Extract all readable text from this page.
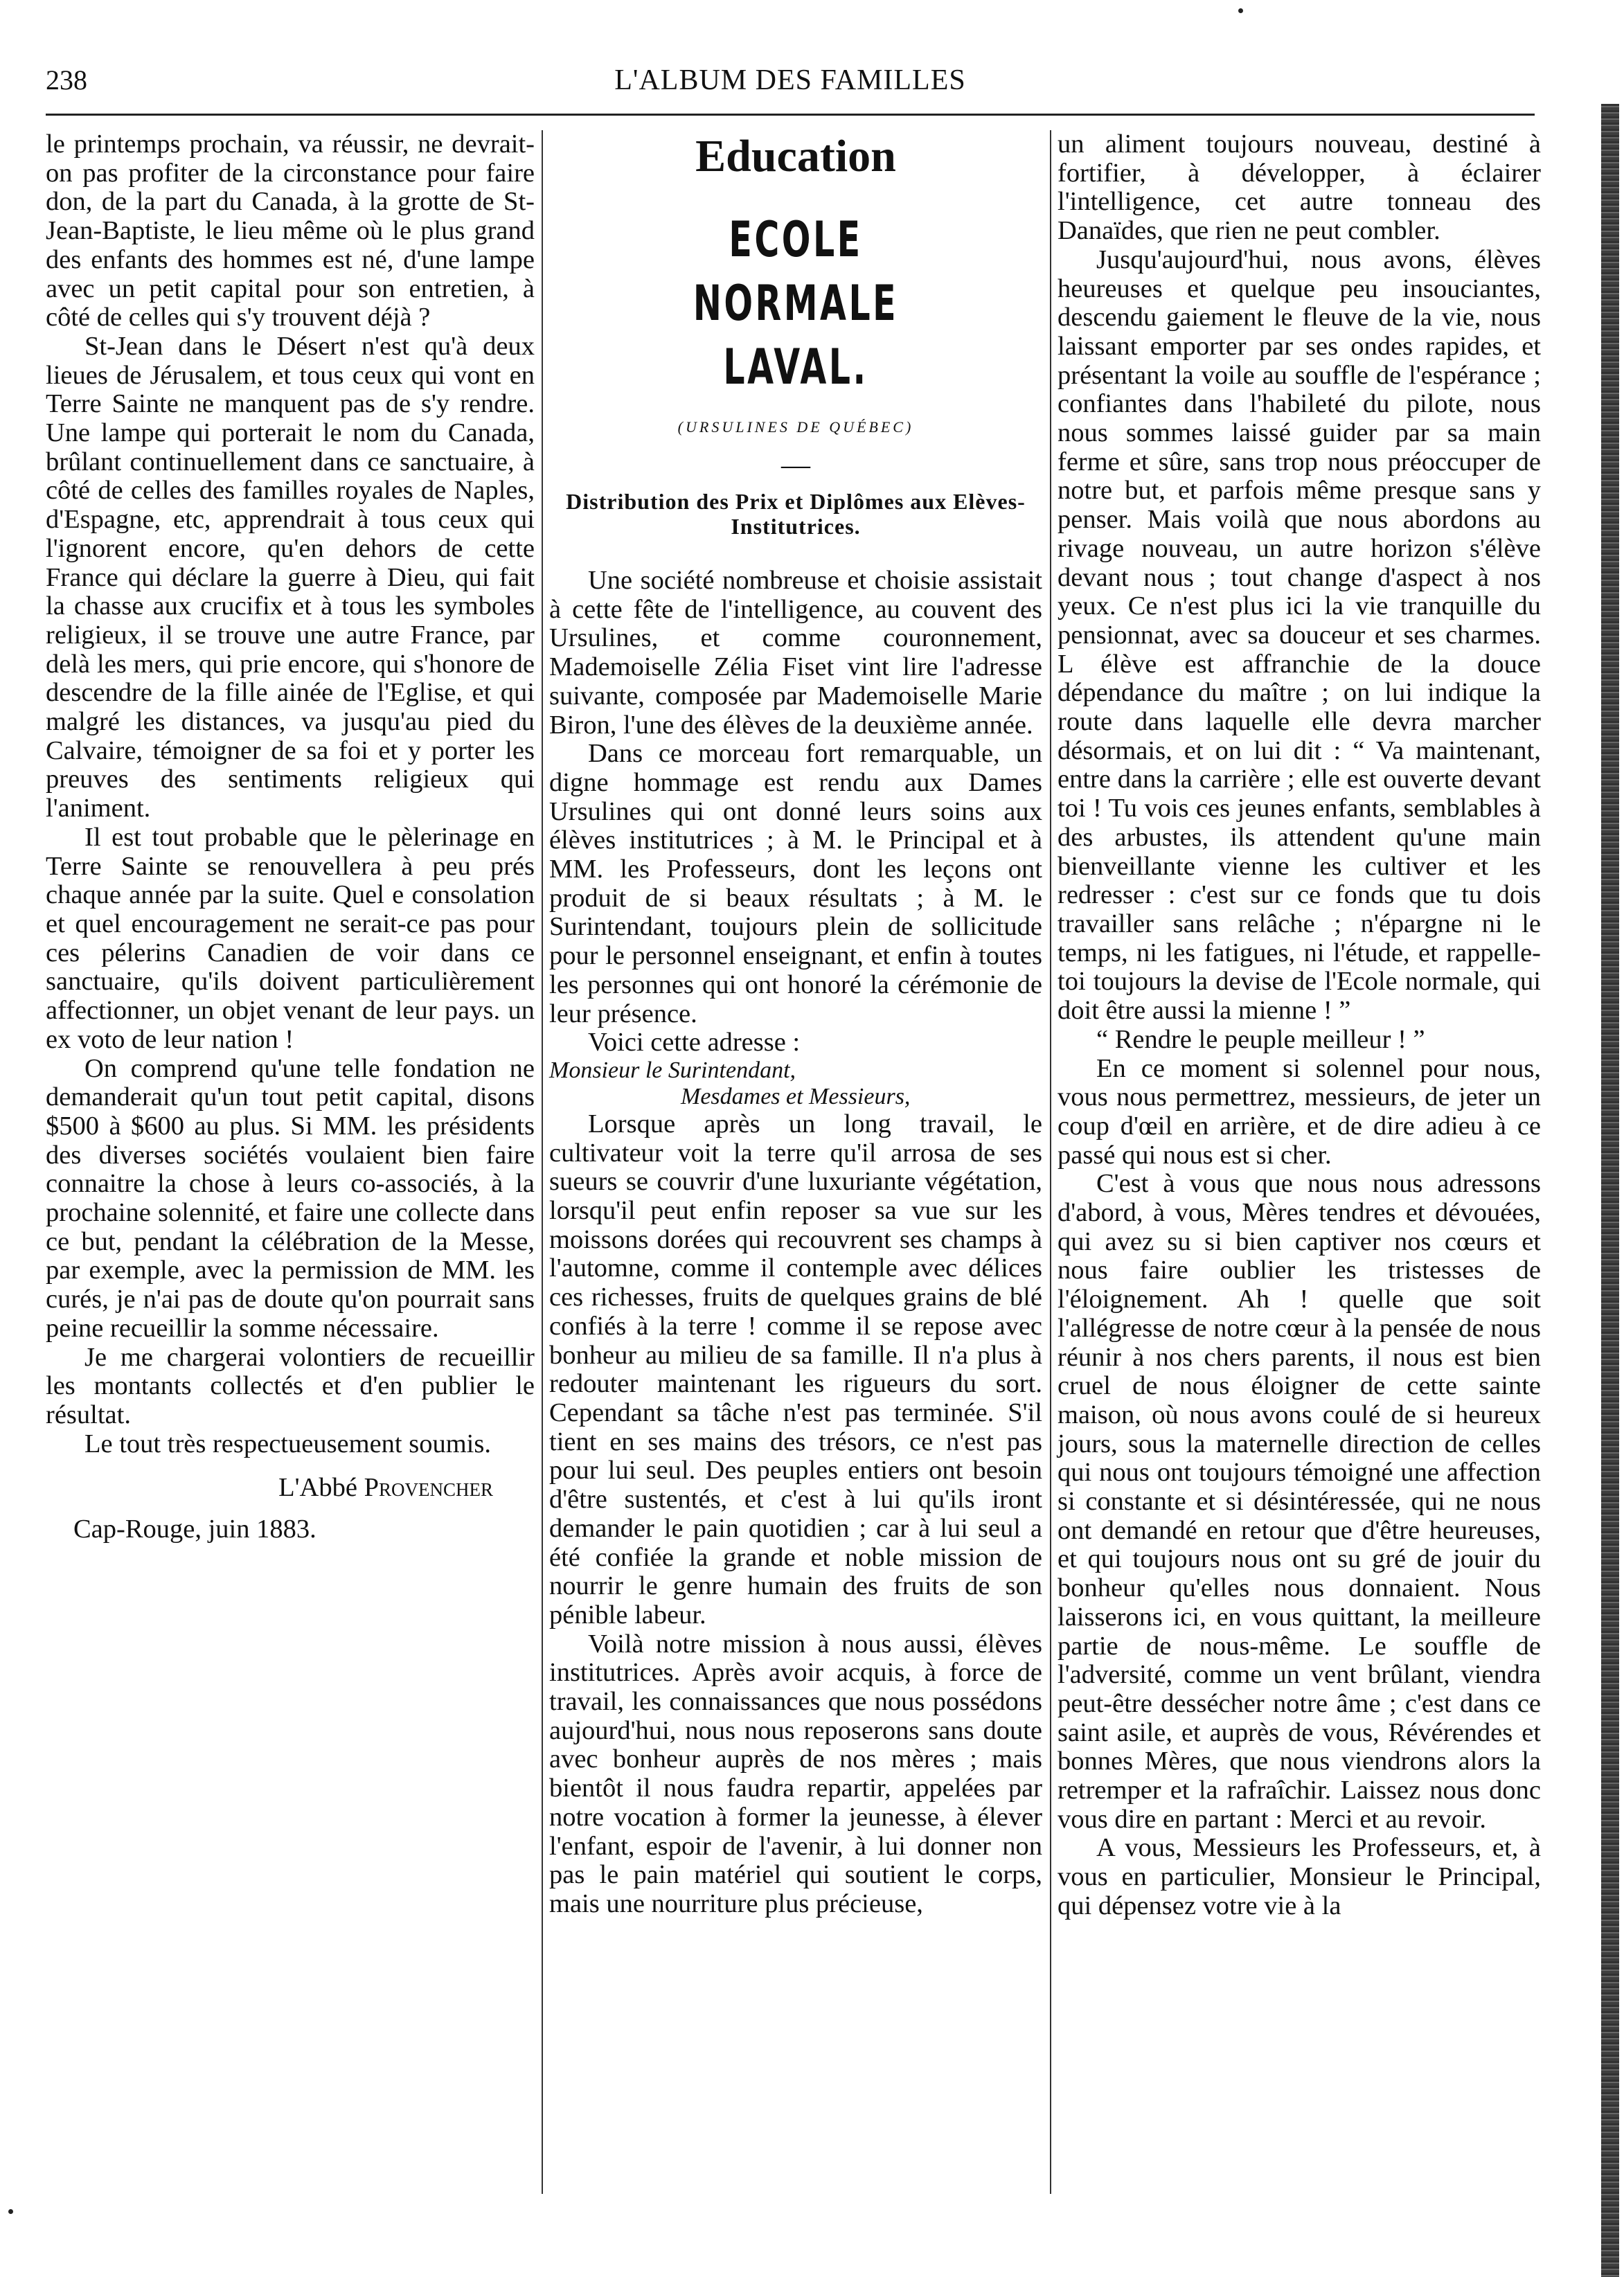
238	L'ALBUM DES FAMILLES

le printemps prochain, va réussir, ne devrait-on pas profiter de la circonstance pour faire don, de la part du Canada, à la grotte de St-Jean-Baptiste, le lieu même où le plus grand des enfants des hommes est né, d'une lampe avec un petit capital pour son entretien, à côté de celles qui s'y trouvent déjà ?

St-Jean dans le Désert n'est qu'à deux lieues de Jérusalem, et tous ceux qui vont en Terre Sainte ne manquent pas de s'y rendre. Une lampe qui porterait le nom du Canada, brûlant continuellement dans ce sanctuaire, à côté de celles des familles royales de Naples, d'Espagne, etc, apprendrait à tous ceux qui l'ignorent encore, qu'en dehors de cette France qui déclare la guerre à Dieu, qui fait la chasse aux crucifix et à tous les symboles religieux, il se trouve une autre France, par delà les mers, qui prie encore, qui s'honore de descendre de la fille ainée de l'Eglise, et qui malgré les distances, va jusqu'au pied du Calvaire, témoigner de sa foi et y porter les preuves des sentiments religieux qui l'animent.

Il est tout probable que le pèlerinage en Terre Sainte se renouvellera à peu prés chaque année par la suite. Quel e consolation et quel encouragement ne serait-ce pas pour ces pélerins Canadien de voir dans ce sanctuaire, qu'ils doivent particulièrement affectionner, un objet venant de leur pays. un ex voto de leur nation !

On comprend qu'une telle fondation ne demanderait qu'un tout petit capital, disons $500 à $600 au plus. Si MM. les présidents des diverses sociétés voulaient bien faire connaitre la chose à leurs co-associés, à la prochaine solennité, et faire une collecte dans ce but, pendant la célébration de la Messe, par exemple, avec la permission de MM. les curés, je n'ai pas de doute qu'on pourrait sans peine recueillir la somme nécessaire.

Je me chargerai volontiers de recueillir les montants collectés et d'en publier le résultat.

Le tout très respectueusement soumis.

L'Abbé Provencher

Cap-Rouge, juin 1883.

Education

ECOLE NORMALE LAVAL.

(URSULINES DE QUÉBEC)

—

Distribution des Prix et Diplômes aux Elèves-Institutrices.

Une société nombreuse et choisie assistait à cette fête de l'intelligence, au couvent des Ursulines, et comme couronnement, Mademoiselle Zélia Fiset vint lire l'adresse suivante, composée par Mademoiselle Marie Biron, l'une des élèves de la deuxième année.

Dans ce morceau fort remarquable, un digne hommage est rendu aux Dames Ursulines qui ont donné leurs soins aux élèves institutrices ; à M. le Principal et à MM. les Professeurs, dont les leçons ont produit de si beaux résultats ; à M. le Surintendant, toujours plein de sollicitude pour le personnel enseignant, et enfin à toutes les personnes qui ont honoré la cérémonie de leur présence.

Voici cette adresse :

Monsieur le Surintendant,

Mesdames et Messieurs,

Lorsque après un long travail, le cultivateur voit la terre qu'il arrosa de ses sueurs se couvrir d'une luxuriante végétation, lorsqu'il peut enfin reposer sa vue sur les moissons dorées qui recouvrent ses champs à l'automne, comme il contemple avec délices ces richesses, fruits de quelques grains de blé confiés à la terre ! comme il se repose avec bonheur au milieu de sa famille. Il n'a plus à redouter maintenant les rigueurs du sort. Cependant sa tâche n'est pas terminée. S'il tient en ses mains des trésors, ce n'est pas pour lui seul. Des peuples entiers ont besoin d'être sustentés, et c'est à lui qu'ils iront demander le pain quotidien ; car à lui seul a été confiée la grande et noble mission de nourrir le genre humain des fruits de son pénible labeur.

Voilà notre mission à nous aussi, élèves institutrices. Après avoir acquis, à force de travail, les connaissances que nous possédons aujourd'hui, nous nous reposerons sans doute avec bonheur auprès de nos mères ; mais bientôt il nous faudra repartir, appelées par notre vocation à former la jeunesse, à élever l'enfant, espoir de l'avenir, à lui donner non pas le pain matériel qui soutient le corps, mais une nourriture plus précieuse,

un aliment toujours nouveau, destiné à fortifier, à développer, à éclairer l'intelligence, cet autre tonneau des Danaïdes, que rien ne peut combler.

Jusqu'aujourd'hui, nous avons, élèves heureuses et quelque peu insouciantes, descendu gaiement le fleuve de la vie, nous laissant emporter par ses ondes rapides, et présentant la voile au souffle de l'espérance ; confiantes dans l'habileté du pilote, nous nous sommes laissé guider par sa main ferme et sûre, sans trop nous préoccuper de notre but, et parfois même presque sans y penser. Mais voilà que nous abordons au rivage nouveau, un autre horizon s'élève devant nous ; tout change d'aspect à nos yeux. Ce n'est plus ici la vie tranquille du pensionnat, avec sa douceur et ses charmes. L élève est affranchie de la douce dépendance du maître ; on lui indique la route dans laquelle elle devra marcher désormais, et on lui dit : “ Va maintenant, entre dans la carrière ; elle est ouverte devant toi ! Tu vois ces jeunes enfants, semblables à des arbustes, ils attendent qu'une main bienveillante vienne les cultiver et les redresser : c'est sur ce fonds que tu dois travailler sans relâche ; n'épargne ni le temps, ni les fatigues, ni l'étude, et rappelle-toi toujours la devise de l'Ecole normale, qui doit être aussi la mienne ! ”

“ Rendre le peuple meilleur ! ”

En ce moment si solennel pour nous, vous nous permettrez, messieurs, de jeter un coup d'œil en arrière, et de dire adieu à ce passé qui nous est si cher.

C'est à vous que nous nous adressons d'abord, à vous, Mères tendres et dévouées, qui avez su si bien captiver nos cœurs et nous faire oublier les tristesses de l'éloignement. Ah ! quelle que soit l'allégresse de notre cœur à la pensée de nous réunir à nos chers parents, il nous est bien cruel de nous éloigner de cette sainte maison, où nous avons coulé de si heureux jours, sous la maternelle direction de celles qui nous ont toujours témoigné une affection si constante et si désintéressée, qui ne nous ont demandé en retour que d'être heureuses, et qui toujours nous ont su gré de jouir du bonheur qu'elles nous donnaient. Nous laisserons ici, en vous quittant, la meilleure partie de nous-même. Le souffle de l'adversité, comme un vent brûlant, viendra peut-être dessécher notre âme ; c'est dans ce saint asile, et auprès de vous, Révérendes et bonnes Mères, que nous viendrons alors la retremper et la rafraîchir. Laissez nous donc vous dire en partant : Merci et au revoir.

A vous, Messieurs les Professeurs, et, à vous en particulier, Monsieur le Principal, qui dépensez votre vie à la
